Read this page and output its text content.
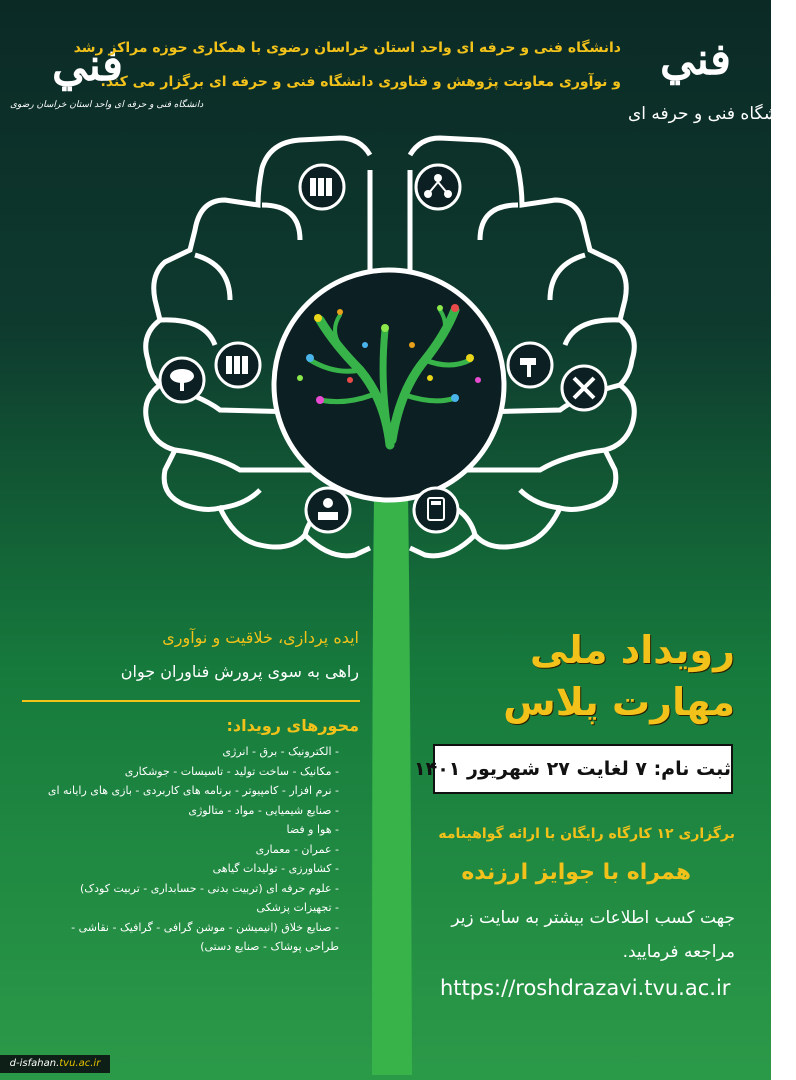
ﻓﻨﻲ
دانشگاه فنی و حرفه ای واحد استان خراسان رضوی
ﻓﻨﻲ
دانشگاه فنی و حرفه ای
دانشگاه فنی و حرفه ای واحد استان خراسان رضوی با همکاری حوزه مراکز رشد
و نوآوری معاونت پژوهش و فناوری دانشگاه فنی و حرفه ای برگزار می کند.
رویداد ملی
مهارت پلاس
ثبت نام: ۷ لغایت ۲۷ شهریور ۱۴۰۱
برگزاری ۱۲ کارگاه رایگان با ارائه گواهینامه
همراه با جوایز ارزنده
جهت کسب اطلاعات بیشتر به سایت زیر
مراجعه فرمایید.
https://roshdrazavi.tvu.ac.ir
ایده پردازی، خلاقیت و نوآوری
راهی به سوی پرورش فناوران جوان
محورهای رویداد:
- الکترونیک - برق - انرژی
- مکانیک - ساخت تولید - تاسیسات - جوشکاری
- نرم افزار - کامپیوتر - برنامه های کاربردی - بازی های رایانه ای
- صنایع شیمیایی - مواد - متالوژی
- هوا و فضا
- عمران - معماری
- کشاورزی - تولیدات گیاهی
- علوم حرفه ای (تربیت بدنی - حسابداری - تربیت کودک)
- تجهیزات پزشکی
- صنایع خلاق (انیمیشن - موشن گرافی - گرافیک - نقاشی -
طراحی پوشاک - صنایع دستی)
d-isfahan.tvu.ac.ir
